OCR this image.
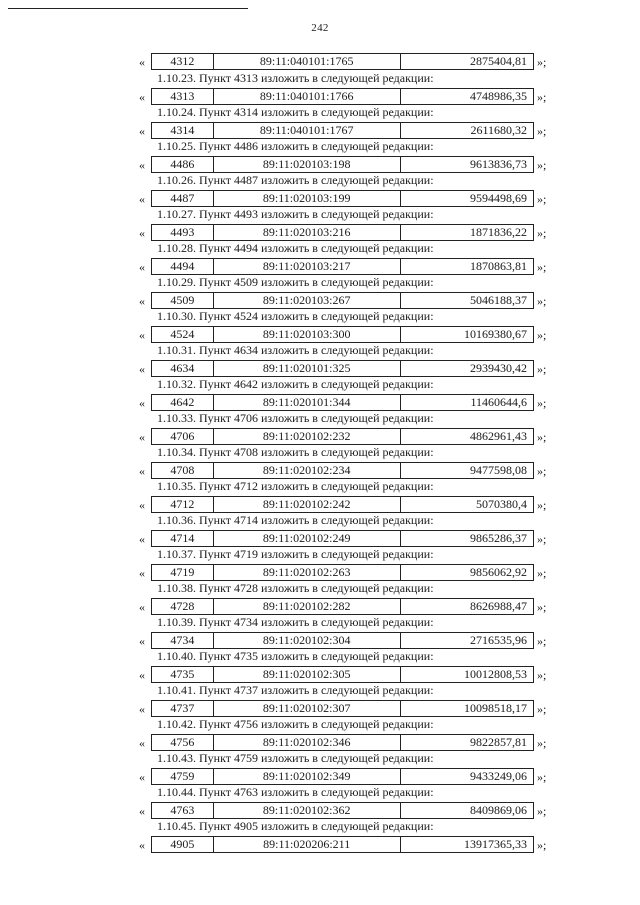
242
«	4312	89:11:040101:1765	2875404,81 »;
1.10.23. Пункт 4313 изложить в следующей редакции:
«	4313	89:11:040101:1766	4748986,35 »;
1.10.24. Пункт 4314 изложить в следующей редакции:
«	4314	89:11:040101:1767	2611680,32 »;
1.10.25. Пункт 4486 изложить в следующей редакции:
«	4486	89:11:020103:198	9613836,73 »;
1.10.26. Пункт 4487 изложить в следующей редакции:
«	4487	89:11:020103:199	9594498,69 »;
1.10.27. Пункт 4493 изложить в следующей редакции:
«	4493	89:11:020103:216	1871836,22 »;
1.10.28. Пункт 4494 изложить в следующей редакции:
«	4494	89:11:020103:217	1870863,81 »;
1.10.29. Пункт 4509 изложить в следующей редакции:
«	4509	89:11:020103:267	5046188,37 »;
1.10.30. Пункт 4524 изложить в следующей редакции:
«	4524	89:11:020103:300	10169380,67 »;
1.10.31. Пункт 4634 изложить в следующей редакции:
«	4634	89:11:020101:325	2939430,42 »;
1.10.32. Пункт 4642 изложить в следующей редакции:
«	4642	89:11:020101:344	11460644,6 »;
1.10.33. Пункт 4706 изложить в следующей редакции:
«	4706	89:11:020102:232	4862961,43 »;
1.10.34. Пункт 4708 изложить в следующей редакции:
«	4708	89:11:020102:234	9477598,08 »;
1.10.35. Пункт 4712 изложить в следующей редакции:
«	4712	89:11:020102:242	5070380,4 »;
1.10.36. Пункт 4714 изложить в следующей редакции:
«	4714	89:11:020102:249	9865286,37 »;
1.10.37. Пункт 4719 изложить в следующей редакции:
«	4719	89:11:020102:263	9856062,92 »;
1.10.38. Пункт 4728 изложить в следующей редакции:
«	4728	89:11:020102:282	8626988,47 »;
1.10.39. Пункт 4734 изложить в следующей редакции:
«	4734	89:11:020102:304	2716535,96 »;
1.10.40. Пункт 4735 изложить в следующей редакции:
«	4735	89:11:020102:305	10012808,53 »;
1.10.41. Пункт 4737 изложить в следующей редакции:
«	4737	89:11:020102:307	10098518,17 »;
1.10.42. Пункт 4756 изложить в следующей редакции:
«	4756	89:11:020102:346	9822857,81 »;
1.10.43. Пункт 4759 изложить в следующей редакции:
«	4759	89:11:020102:349	9433249,06 »;
1.10.44. Пункт 4763 изложить в следующей редакции:
«	4763	89:11:020102:362	8409869,06 »;
1.10.45. Пункт 4905 изложить в следующей редакции:
«	4905	89:11:020206:211	13917365,33 »;
